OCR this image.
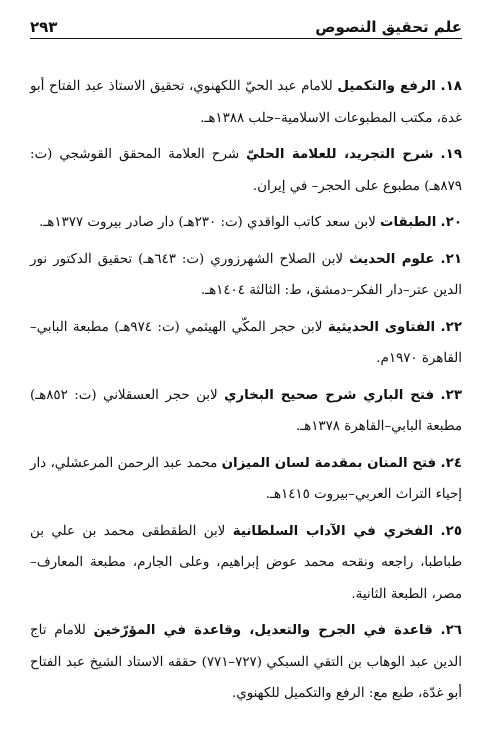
علم تحقيق النصوص
٢٩٣

١٨. الرفع والتكميل للامام عبد الحيّ اللكهنوي، تحقيق الاستاذ عبد الفتاح أبو غدة، مكتب المطبوعات الاسلامية–حلب ١٣٨٨هـ.

١٩. شرح التجريد، للعلامة الحليّ شرح العلامة المحقق القوشجي (ت: ٨٧٩هـ) مطبوع على الحجر– في إيران.

٢٠. الطبقات لابن سعد كاتب الواقدي (ت: ٢٣٠هـ) دار صادر بيروت ١٣٧٧هـ.

٢١. علوم الحديث لابن الصلاح الشهرزوري (ت: ٦٤٣هـ) تحقيق الدكتور نور الدين عتر–دار الفكر–دمشق، ط: الثالثة ١٤٠٤هـ.

٢٢. الفتاوى الحديثية لابن حجر المكّي الهيثمي (ت: ٩٧٤هـ) مطبعة البابي– القاهرة ١٩٧٠م.

٢٣. فتح الباري شرح صحيح البخاري لابن حجر العسقلاني (ت: ٨٥٢هـ) مطبعة البابي–القاهرة ١٣٧٨هـ.

٢٤. فتح المنان بمقدمة لسان الميزان محمد عبد الرحمن المرعشلي، دار إحياء التراث العربي–بيروت ١٤١٥هـ.

٢٥. الفخري في الآداب السلطانية لابن الطقطقى محمد بن علي بن طباطبا، راجعه ونقحه محمد عوض إبراهيم، وعلى الجارم، مطبعة المعارف–مصر، الطبعة الثانية.

٢٦. قاعدة في الجرح والتعديل، وقاعدة في المؤرّخين للامام تاج الدين عبد الوهاب بن التقي السبكي (٧٢٧–٧٧١) حققه الاستاد الشيخ عبد الفتاح أبو غدّة، طبع مع: الرفع والتكميل للكهنوي.
